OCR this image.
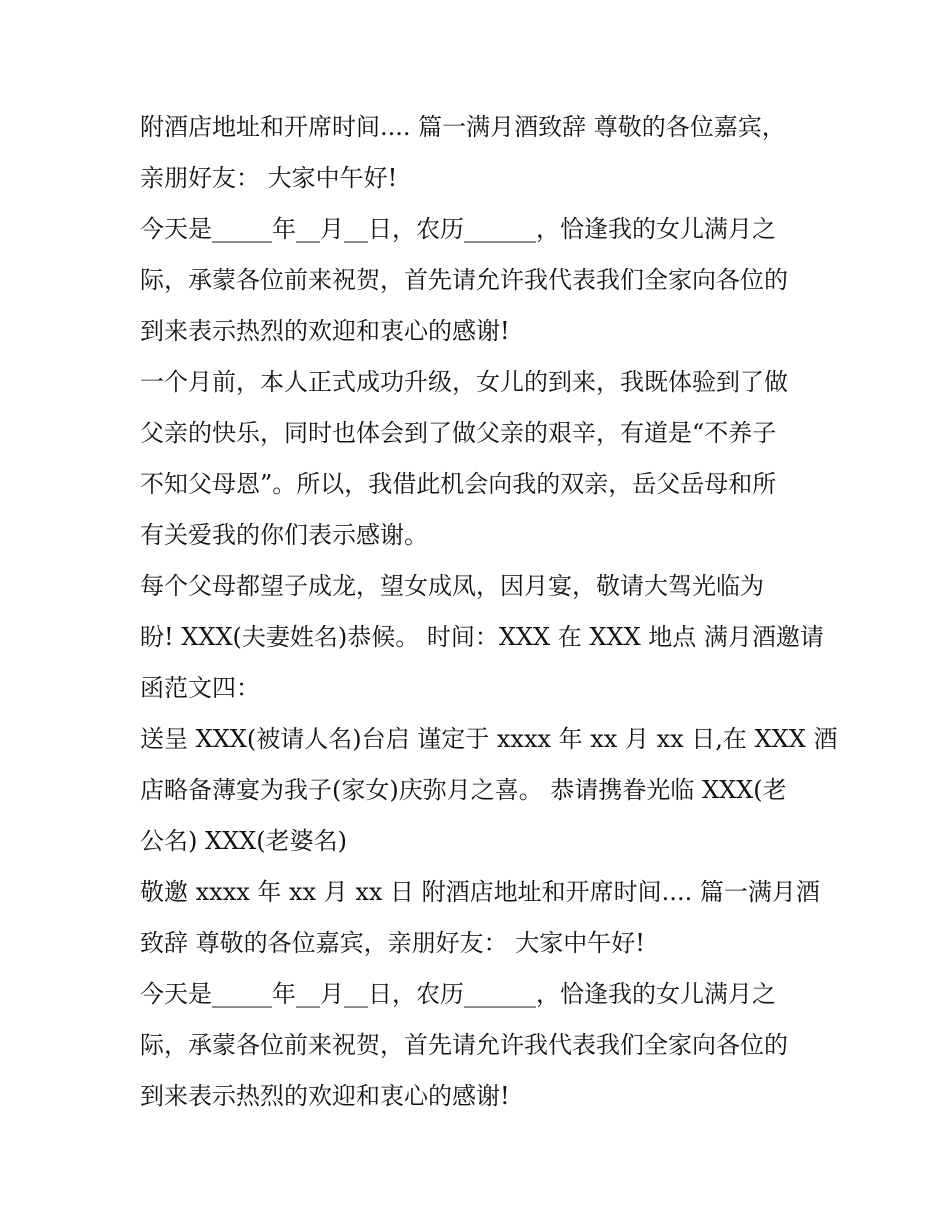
附酒店地址和开席时间.... 篇一满月酒致辞 尊敬的各位嘉宾，
亲朋好友： 大家中午好!
今天是_____年__月__日，农历______，恰逢我的女儿满月之
际，承蒙各位前来祝贺，首先请允许我代表我们全家向各位的
到来表示热烈的欢迎和衷心的感谢!
一个月前，本人正式成功升级，女儿的到来，我既体验到了做
父亲的快乐，同时也体会到了做父亲的艰辛，有道是“不养子
不知父母恩”。所以，我借此机会向我的双亲，岳父岳母和所
有关爱我的你们表示感谢。
每个父母都望子成龙，望女成凤，因月宴，敬请大驾光临为
盼! XXX(夫妻姓名)恭候。 时间：XXX 在 XXX 地点 满月酒邀请
函范文四：
送呈 XXX(被请人名)台启 谨定于 xxxx 年 xx 月 xx 日,在 XXX 酒
店略备薄宴为我子(家女)庆弥月之喜。 恭请携眷光临 XXX(老
公名) XXX(老婆名)
敬邀 xxxx 年 xx 月 xx 日 附酒店地址和开席时间.... 篇一满月酒
致辞 尊敬的各位嘉宾，亲朋好友： 大家中午好!
今天是_____年__月__日，农历______，恰逢我的女儿满月之
际，承蒙各位前来祝贺，首先请允许我代表我们全家向各位的
到来表示热烈的欢迎和衷心的感谢!
